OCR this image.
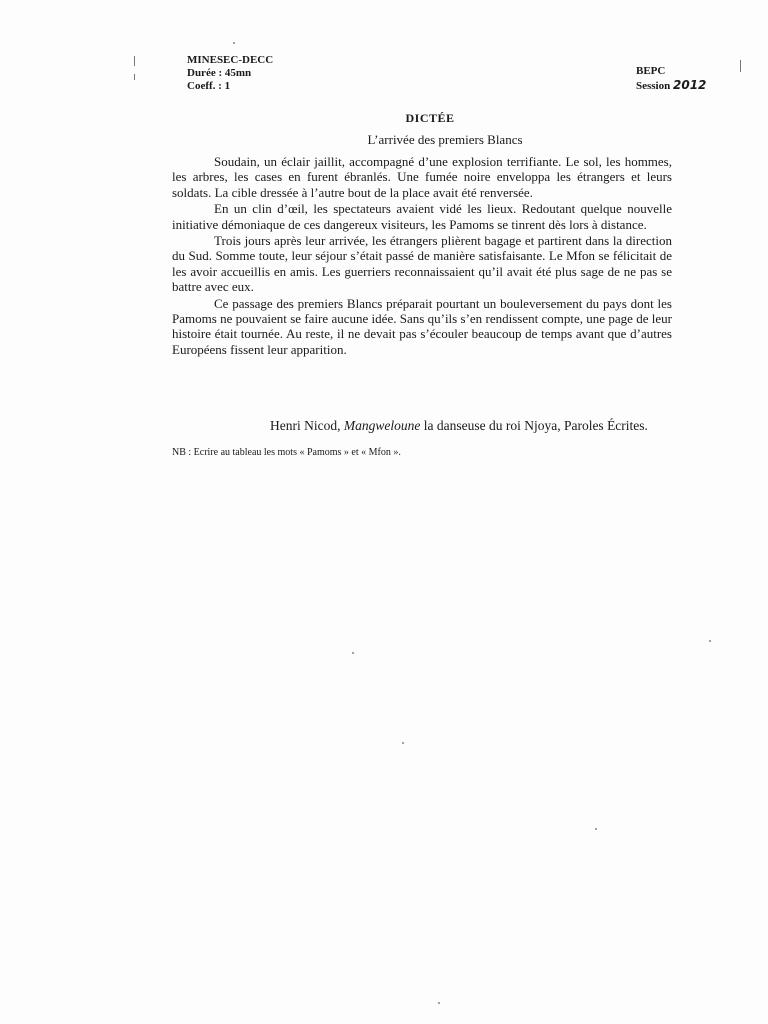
MINESEC-DECC
Durée : 45mn
Coeff. : 1
BEPC
Session 2012
DICTÉE
L’arrivée des premiers Blancs

Soudain, un éclair jaillit, accompagné d’une explosion terrifiante. Le sol, les hommes, les arbres, les cases en furent ébranlés. Une fumée noire enveloppa les étrangers et leurs soldats. La cible dressée à l’autre bout de la place avait été renversée.

En un clin d’œil, les spectateurs avaient vidé les lieux. Redoutant quelque nouvelle initiative démoniaque de ces dangereux visiteurs, les Pamoms se tinrent dès lors à distance.

Trois jours après leur arrivée, les étrangers plièrent bagage et partirent dans la direction du Sud. Somme toute, leur séjour s’était passé de manière satisfaisante. Le Mfon se félicitait de les avoir accueillis en amis. Les guerriers reconnaissaient qu’il avait été plus sage de ne pas se battre avec eux.

Ce passage des premiers Blancs préparait pourtant un bouleversement du pays dont les Pamoms ne pouvaient se faire aucune idée. Sans qu’ils s’en rendissent compte, une page de leur histoire était tournée. Au reste, il ne devait pas s’écouler beaucoup de temps avant que d’autres Européens fissent leur apparition.

Henri Nicod, Mangweloune la danseuse du roi Njoya, Paroles Écrites.
NB : Ecrire au tableau les mots « Pamoms » et « Mfon ».
